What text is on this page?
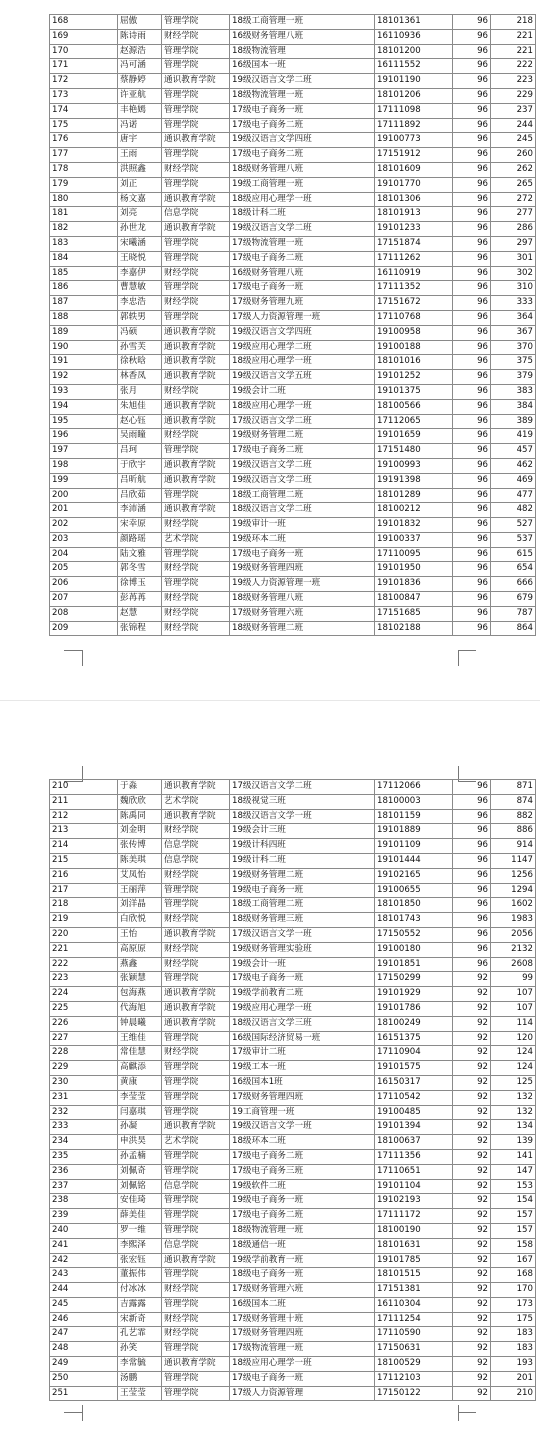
168	屈傲	管理学院	18级工商管理一班	18101361	96	218
169	陈诗雨	财经学院	16级财务管理八班	16110936	96	221
170	赵源浩	管理学院	18级物流管理	18101200	96	221
171	冯可涵	管理学院	16级国本一班	16111552	96	222
172	蔡静婷	通识教育学院	19级汉语言文学二班	19101190	96	223
173	许亚航	管理学院	18级物流管理一班	18101206	96	229
174	丰艳嫣	管理学院	17级电子商务一班	17111098	96	237
175	冯诺	管理学院	17级电子商务二班	17111892	96	244
176	唐宇	通识教育学院	19级汉语言文学四班	19100773	96	245
177	王雨	管理学院	17级电子商务二班	17151912	96	260
178	洪照鑫	财经学院	18级财务管理八班	18101609	96	262
179	刘正	管理学院	19级工商管理一班	19101770	96	265
180	杨文嘉	通识教育学院	18级应用心理学一班	18101306	96	272
181	刘亮	信息学院	18级计科二班	18101913	96	277
182	孙世龙	通识教育学院	19级汉语言文学二班	19101233	96	286
183	宋曦涵	管理学院	17级物流管理一班	17151874	96	297
184	王晓悦	管理学院	17级电子商务二班	17111262	96	301
185	李嘉伊	财经学院	16级财务管理八班	16110919	96	302
186	曹慧敏	管理学院	17级电子商务一班	17111352	96	310
187	李忠浩	财经学院	17级财务管理九班	17151672	96	333
188	郭轶男	管理学院	17级人力资源管理一班	17110768	96	364
189	冯硕	通识教育学院	19级汉语言文学四班	19100958	96	367
190	孙雪芙	通识教育学院	19级应用心理学二班	19100188	96	370
191	徐秋晗	通识教育学院	18级应用心理学一班	18101016	96	375
192	林香凤	通识教育学院	19级汉语言文学五班	19101252	96	379
193	张月	财经学院	19级会计二班	19101375	96	383
194	朱旭佳	通识教育学院	18级应用心理学一班	18100566	96	384
195	赵心钰	通识教育学院	17级汉语言文学二班	17112065	96	389
196	吴雨瞳	财经学院	19级财务管理二班	19101659	96	419
197	吕珂	管理学院	17级电子商务二班	17151480	96	457
198	于欣宇	通识教育学院	19级汉语言文学二班	19100993	96	462
199	吕昕航	通识教育学院	19级汉语言文学二班	19191398	96	469
200	吕欣茹	管理学院	18级工商管理二班	18101289	96	477
201	李沛涵	通识教育学院	18级汉语言文学二班	18100212	96	482
202	宋幸原	财经学院	19级审计一班	19101832	96	527
203	颜路瑶	艺术学院	19级环本二班	19100337	96	537
204	陆文雅	管理学院	17级电子商务一班	17110095	96	615
205	郭冬雪	财经学院	19级财务管理四班	19101950	96	654
206	徐博玉	管理学院	19级人力资源管理一班	19101836	96	666
207	彭苒苒	财经学院	18级财务管理八班	18100847	96	679
208	赵慧	财经学院	17级财务管理六班	17151685	96	787
209	张锦程	财经学院	18级财务管理二班	18102188	96	864
210	于淼	通识教育学院	17级汉语言文学二班	17112066	96	871
211	魏欣欣	艺术学院	18级视觉三班	18100003	96	874
212	陈禹同	通识教育学院	18级汉语言文学一班	18101159	96	882
213	刘金明	财经学院	19级会计三班	19101889	96	886
214	张传博	信息学院	19级计科四班	19101109	96	914
215	陈美琪	信息学院	19级计科二班	19101444	96	1147
216	艾凤怡	财经学院	19级财务管理二班	19102165	96	1256
217	王丽萍	管理学院	19级电子商务一班	19100655	96	1294
218	刘洋晶	管理学院	18级工商管理二班	18101850	96	1602
219	白欣悦	财经学院	18级财务管理三班	18101743	96	1983
220	王怡	通识教育学院	17级汉语言文学一班	17150552	96	2056
221	高原原	财经学院	19级财务管理实验班	19100180	96	2132
222	燕鑫	财经学院	19级会计一班	19101851	96	2608
223	张颖慧	管理学院	17级电子商务一班	17150299	92	99
224	包海燕	通识教育学院	19级学前教育二班	19101929	92	107
225	代海旭	通识教育学院	19级应用心理学一班	19101786	92	107
226	钟晨曦	通识教育学院	18级汉语言文学三班	18100249	92	114
227	王维佳	管理学院	16级国际经济贸易一班	16151375	92	120
228	常佳慧	财经学院	17级审计二班	17110904	92	124
229	高麒添	管理学院	19级工本一班	19101575	92	124
230	黄康	管理学院	16级国本1班	16150317	92	125
231	李莹莹	管理学院	17级财务管理四班	17110542	92	132
232	闫嘉琪	管理学院	19工商管理一班	19100485	92	132
233	孙凝	通识教育学院	19级汉语言文学一班	19101394	92	134
234	申洪昊	艺术学院	18级环本二班	18100637	92	139
235	孙孟楠	管理学院	17级电子商务二班	17111356	92	141
236	刘佩奇	管理学院	17级电子商务三班	17110651	92	147
237	刘佩铭	信息学院	19级软件二班	19101104	92	153
238	安佳琦	管理学院	19级电子商务一班	19102193	92	154
239	薛美佳	管理学院	17级电子商务二班	17111172	92	157
240	罗一维	管理学院	18级物流管理一班	18100190	92	157
241	李熙泽	信息学院	18级通信一班	18101631	92	158
242	张宏钰	通识教育学院	19级学前教育一班	19101785	92	167
243	董振伟	管理学院	18级电子商务一班	18101515	92	168
244	付冰冰	财经学院	17级财务管理六班	17151381	92	170
245	吉露露	管理学院	16级国本二班	16110304	92	173
246	宋新奇	财经学院	17级财务管理十班	17111254	92	175
247	孔艺霏	财经学院	17级财务管理四班	17110590	92	183
248	孙笑	管理学院	17级物流管理一班	17150631	92	183
249	李常毓	通识教育学院	18级应用心理学一班	18100529	92	193
250	汤鹏	管理学院	17级电子商务一班	17112103	92	201
251	王莹莹	管理学院	17级人力资源管理	17150122	92	210
